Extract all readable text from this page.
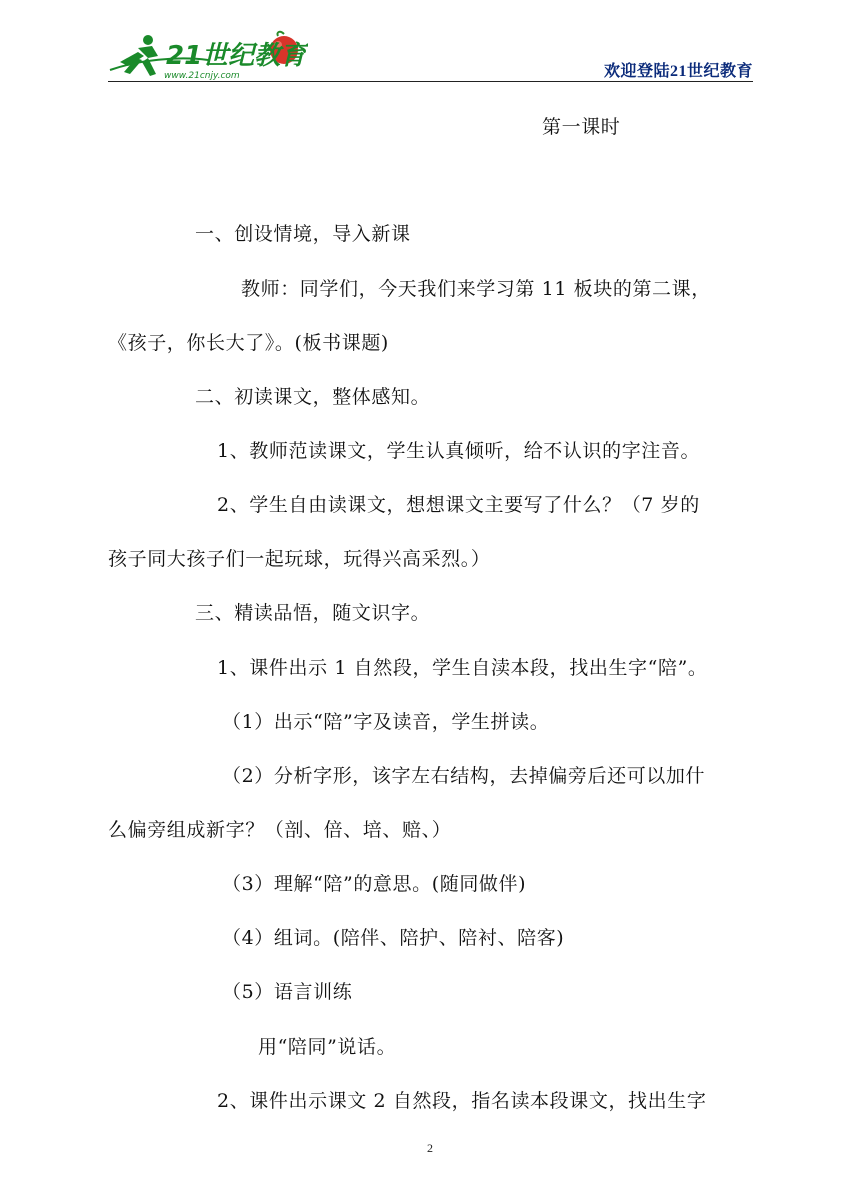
21世纪教育
www.21cnjy.com	欢迎登陆21世纪教育
第一课时
一、创设情境，导入新课
教师：同学们，今天我们来学习第 11 板块的第二课，
《孩子，你长大了》。(板书课题)
二、初读课文，整体感知。
1、教师范读课文，学生认真倾听，给不认识的字注音。
2、学生自由读课文，想想课文主要写了什么？（7 岁的
孩子同大孩子们一起玩球，玩得兴高采烈。）
三、精读品悟，随文识字。
1、课件出示 1 自然段，学生自渎本段，找出生字“陪”。
（1）出示“陪”字及读音，学生拼读。
（2）分析字形，该字左右结构，去掉偏旁后还可以加什
么偏旁组成新字？（剖、倍、培、赔、）
（3）理解“陪”的意思。(随同做伴)
（4）组词。(陪伴、陪护、陪衬、陪客)
（5）语言训练
用“陪同”说话。
2、课件出示课文 2 自然段，指名读本段课文，找出生字
2
